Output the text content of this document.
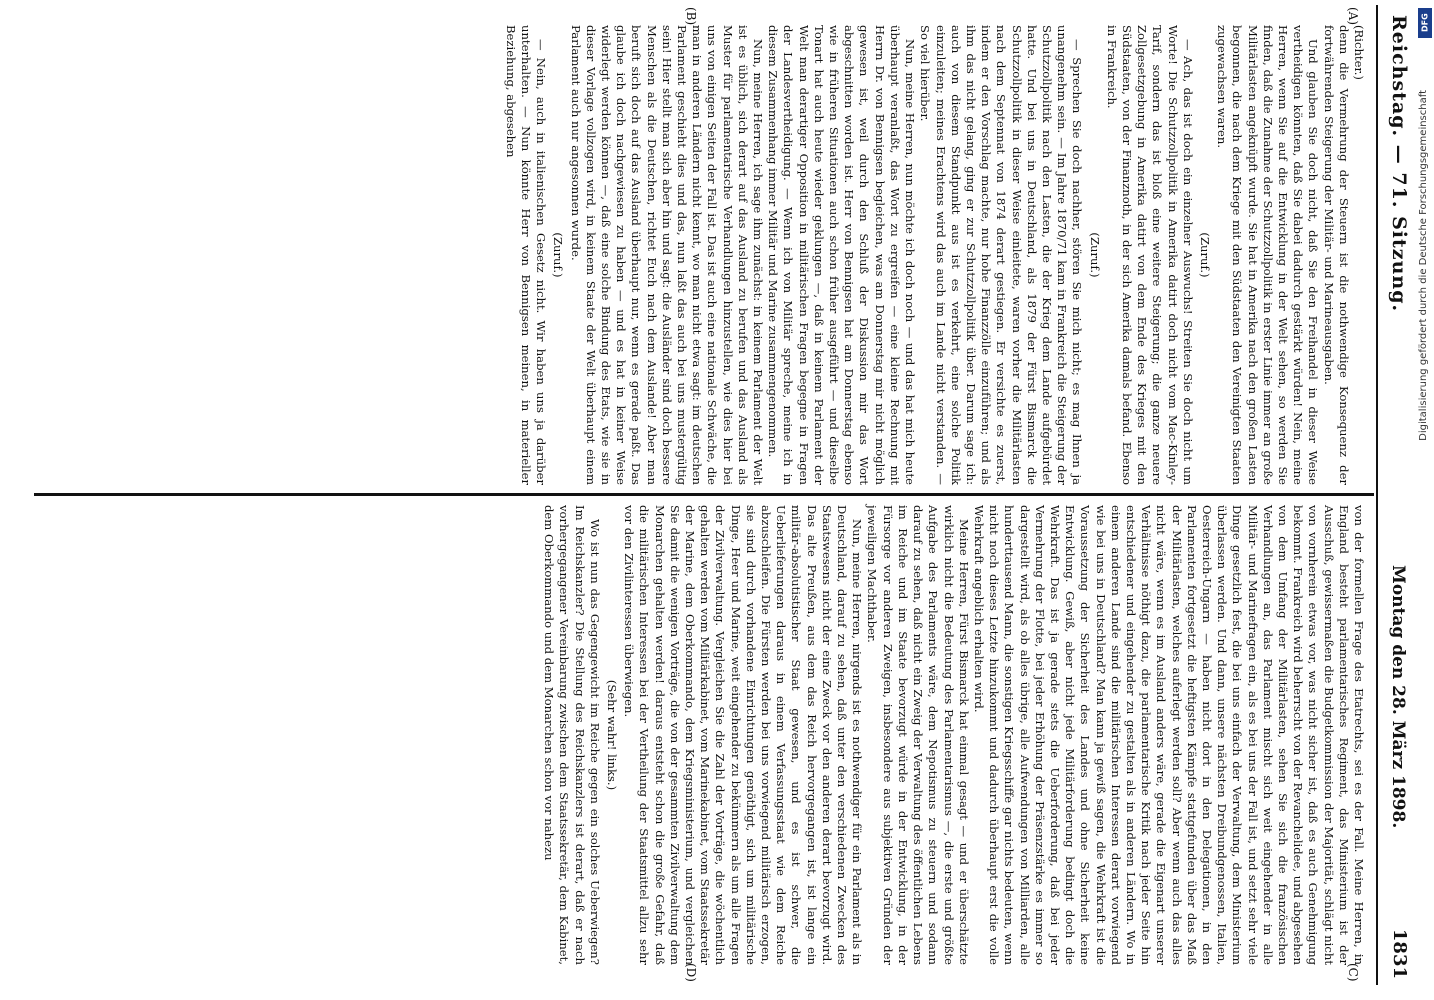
Reichstag. — 71. Sitzung.
Montag den 28. März 1898.
1831
(A)
(B)
(C)
(D)

(Richter.)

denn die Vermehrung der Steuern ist die nothwendige Konsequenz der fortwährenden Steigerung der Militär- und Marineausgaben.

Und glauben Sie doch nicht, daß Sie den Freihandel in dieser Weise vertheidigen könnten, daß Sie dabei dadurch gestärkt würden! Nein, meine Herren, wenn Sie auf die Entwicklung in der Welt sehen, so werden Sie finden, daß die Zunahme der Schutzzollpolitik in erster Linie immer an große Militärlasten angeknüpft wurde. Sie hat in Amerika nach den großen Lasten begonnen, die nach dem Kriege mit den Südstaaten den Vereinigten Staaten zugewachsen waren.

(Zuruf.)

— Ach, das ist doch ein einzelner Auswuchs! Streiten Sie doch nicht um Worte! Die Schutzzollpolitik in Amerika datirt doch nicht vom Mac-Kinley-Tarif, sondern das ist bloß eine weitere Steigerung; die ganze neuere Zollgesetzgebung in Amerika datirt von dem Ende des Krieges mit den Südstaaten, von der Finanznoth, in der sich Amerika damals befand. Ebenso in Frankreich.

(Zuruf.)

— Sprechen Sie doch nachher, stören Sie mich nicht; es mag Ihnen ja unangenehm sein. — Im Jahre 1870/71 kam in Frankreich die Steigerung der Schutzzollpolitik nach den Lasten, die der Krieg dem Lande aufgebürdet hatte. Und bei uns in Deutschland, als 1879 der Fürst Bismarck die Schutzzollpolitik in dieser Weise einleitete, waren vorher die Militärlasten nach dem Septennat von 1874 derart gestiegen. Er versichte es zuerst, indem er den Vorschlag machte, nur hohe Finanzzölle einzuführen; und als ihm das nicht gelang, ging er zur Schutzzollpolitik über. Darum sage ich: auch von diesem Standpunkt aus ist es verkehrt, eine solche Politik einzuleiten; meines Erachtens wird das auch im Lande nicht verstanden. — So viel hierüber.

Nun, meine Herren, nun möchte ich doch noch — und das hat mich heute überhaupt veranlaßt, das Wort zu ergreifen — eine kleine Rechnung mit Herrn Dr. von Bennigsen begleichen, was am Donnerstag mir nicht möglich gewesen ist, weil durch den Schluß der Diskussion mir das Wort abgeschnitten worden ist. Herr von Bennigsen hat am Donnerstag ebenso wie in früheren Situationen auch schon früher ausgeführt — und dieselbe Tonart hat auch heute wieder geklungen —, daß in keinem Parlament der Welt man derartiger Opposition in militärischen Fragen begegne in Fragen der Landesvertheidigung. — Wenn ich von Militär spreche, meine ich in diesem Zusammenhang immer Militär und Marine zusammengenommen.

Nun, meine Herren, ich sage ihm zunächst: in keinem Parlament der Welt ist es üblich, sich derart auf das Ausland zu berufen und das Ausland als Muster für parlamentarische Verhandlungen hinzustellen, wie dies hier bei uns von einigen Seiten der Fall ist. Das ist auch eine nationale Schwäche, die man in anderen Ländern nicht kennt, wo man nicht etwa sagt: im deutschen Parlament geschieht dies und das, nun laßt das auch bei uns mustergültig sein! Hier stellt man sich aber hin und sagt: die Ausländer sind doch bessere Menschen als die Deutschen, richtet Euch nach dem Auslande! Aber man beruft sich doch auf das Ausland überhaupt nur, wenn es gerade paßt. Das glaube ich doch nachgewiesen zu haben — und es hat in keiner Weise widerlegt werden können —, daß eine solche Bindung des Etats, wie sie in dieser Vorlage vollzogen wird, in keinem Staate der Welt überhaupt einem Parlament auch nur angesonnen wurde.

(Zuruf.)

— Nein, auch in italienischen Gesetz nicht. Wir haben uns ja darüber unterhalten. — Nun könnte Herr von Bennigsen meinen, in materieller Beziehung, abgesehen

von der formellen Frage des Etatrechts, sei es der Fall. Meine Herren, in England besteht parlamentarisches Regiment, das Ministerium ist der Ausschuß, gewissermaßen die Budgetkommission der Majorität, schlägt nicht von vornherein etwas vor, was nicht sicher ist, daß es auch Genehmigung bekommt. Frankreich wird beherrscht von der Revanchelidee, und abgesehen von dem Umfang der Militärlasten, sehen Sie sich die französischen Verhandlungen an, das Parlament mischt sich weit eingehender in alle Militär- und Marinefragen ein, als es bei uns der Fall ist, und setzt sehr viele Dinge gesetzlich fest, die bei uns einfach der Verwaltung, dem Ministerium überlassen werden. Und dann, unsere nächsten Dreibundgenossen, Italien, Oesterreich-Ungarn — haben nicht dort in den Delegationen, in den Parlamenten fortgesetzt die heftigsten Kämpfe stattgefunden über das Maß der Militärlasten, welches auferlegt werden soll? Aber wenn auch das alles nicht wäre, wenn es im Ausland anders wäre, gerade die Eigenart unserer Verhältnisse nöthigt dazu, die parlamentarische Kritik nach jeder Seite hin entschiedener und eingehender zu gestalten als in anderen Ländern. Wo in einem anderen Lande sind die militärischen Interessen derart vorwiegend wie bei uns in Deutschland? Man kann ja gewiß sagen, die Wehrkraft ist die Voraussetzung der Sicherheit des Landes und ohne Sicherheit keine Entwicklung. Gewiß, aber nicht jede Militärforderung bedingt doch die Wehrkraft. Das ist ja gerade stets die Ueberforderung, daß bei jeder Vermehrung der Flotte, bei jeder Erhöhung der Präsenzstärke es immer so dargestellt wird, als ob alles übrige, alle Aufwendungen von Milliarden, alle hunderttausend Mann, die sonstigen Kriegsschiffe gar nichts bedeuten, wenn nicht noch dieses Letzte hinzukommt und dadurch überhaupt erst die volle Wehrkraft angeblich erhalten wird.

Meine Herren, Fürst Bismarck hat einmal gesagt — und er überschätzte wirklich nicht die Bedeutung des Parlamentarismus —, die erste und größte Aufgabe des Parlaments wäre, dem Nepotismus zu steuern und sodann darauf zu sehen, daß nicht ein Zweig der Verwaltung des öffentlichen Lebens im Reiche und im Staate bevorzugt würde in der Entwicklung, in der Fürsorge vor anderen Zweigen, insbesondere aus subjektiven Gründen der jeweiligen Machthaber.

Nun, meine Herren, nirgends ist es nothwendiger für ein Parlament als in Deutschland, darauf zu sehen, daß unter den verschiedenen Zwecken des Staatswesens nicht der eine Zweck vor den anderen derart bevorzugt wird. Das alte Preußen, aus dem das Reich hervorgegangen ist, ist lange ein militär-absolutistischer Staat gewesen, und es ist schwer, die Ueberlieferungen daraus in einem Verfassungsstaat wie dem Reiche abzuschleifen. Die Fürsten werden bei uns vorwiegend militärisch erzogen, sie sind durch vorhandene Einrichtungen genöthigt, sich um militärische Dinge, Heer und Marine, weit eingehender zu bekümmern als um alle Fragen der Zivilverwaltung. Vergleichen Sie die Zahl der Vorträge, die wöchentlich gehalten werden vom Militärkabinet, vom Marinekabinet, vom Staatssekretär der Marine, dem Oberkommando, dem Kriegsministerium, und vergleichen Sie damit die wenigen Vorträge, die von der gesammten Zivilverwaltung dem Monarchen gehalten werden! daraus entsteht schon die große Gefahr, daß die militärischen Interessen bei der Vertheilung der Staatsmittel allzu sehr vor den Zivilinteressen überwiegen.

(Sehr wahr! links.)

Wo ist nun das Gegengewicht im Reiche gegen ein solches Ueberwiegen? Im Reichskanzler? Die Stellung des Reichskanzlers ist derart, daß er nach vorhergegangener Vereinbarung zwischen dem Staatssekretär, dem Kabinet, dem Oberkommando und dem Monarchen schon vor nahezu

DFG
Digitalisierung gefördert durch die Deutsche Forschungsgemeinschaft
